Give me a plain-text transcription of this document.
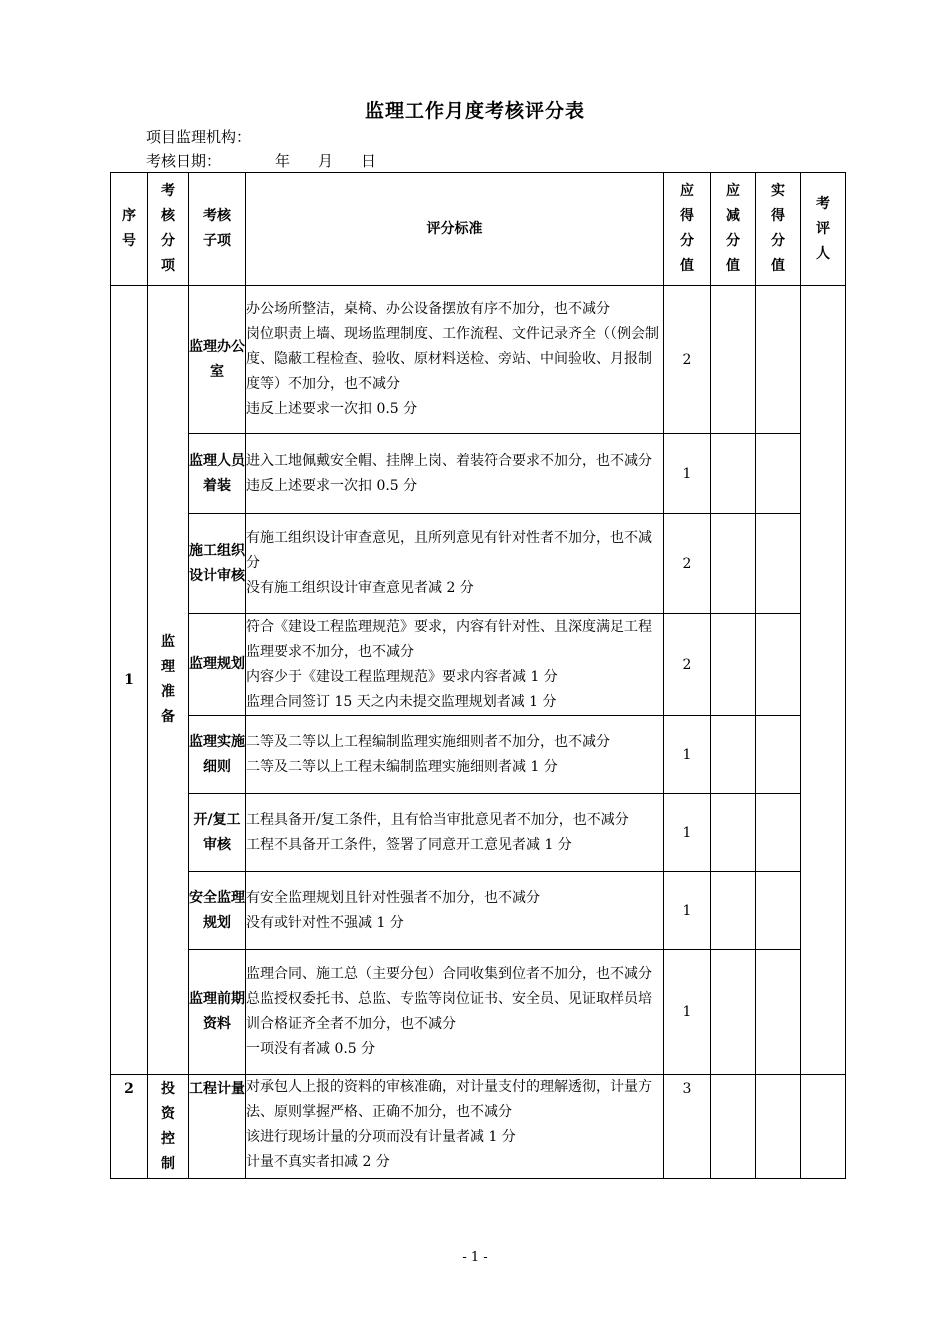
监理工作月度考核评分表
项目监理机构：
考核日期：	年 月 日
序号	考核分项	考核子项	评分标准	应得分值	应减分值	实得分值	考评人

1	监理准备	监理办公室	办公场所整洁，桌椅、办公设备摆放有序不加分，也不减分
岗位职责上墙、现场监理制度、工作流程、文件记录齐全（（例会制度、隐蔽工程检查、验收、原材料送检、旁站、中间验收、月报制度等）不加分，也不减分
违反上述要求一次扣 0.5 分	2			
		监理人员着装	进入工地佩戴安全帽、挂牌上岗、着装符合要求不加分，也不减分
违反上述要求一次扣 0.5 分	1			
		施工组织设计审核	有施工组织设计审查意见，且所列意见有针对性者不加分，也不减分
没有施工组织设计审查意见者减 2 分	2			
		监理规划	符合《建设工程监理规范》要求，内容有针对性、且深度满足工程监理要求不加分，也不减分
内容少于《建设工程监理规范》要求内容者减 1 分
监理合同签订 15 天之内未提交监理规划者减 1 分	2			
		监理实施细则	二等及二等以上工程编制监理实施细则者不加分，也不减分
二等及二等以上工程未编制监理实施细则者减 1 分	1			
		开/复工审核	工程具备开/复工条件，且有恰当审批意见者不加分，也不减分
工程不具备开工条件，签署了同意开工意见者减 1 分	1			
		安全监理规划	有安全监理规划且针对性强者不加分，也不减分
没有或针对性不强减 1 分	1			
		监理前期资料	监理合同、施工总（主要分包）合同收集到位者不加分，也不减分
总监授权委托书、总监、专监等岗位证书、安全员、见证取样员培训合格证齐全者不加分，也不减分
一项没有者减 0.5 分	1			
2	投资控制	工程计量	对承包人上报的资料的审核准确，对计量支付的理解透彻，计量方法、原则掌握严格、正确不加分，也不减分
该进行现场计量的分项而没有计量者减 1 分
计量不真实者扣减 2 分	3			
- 1 -
